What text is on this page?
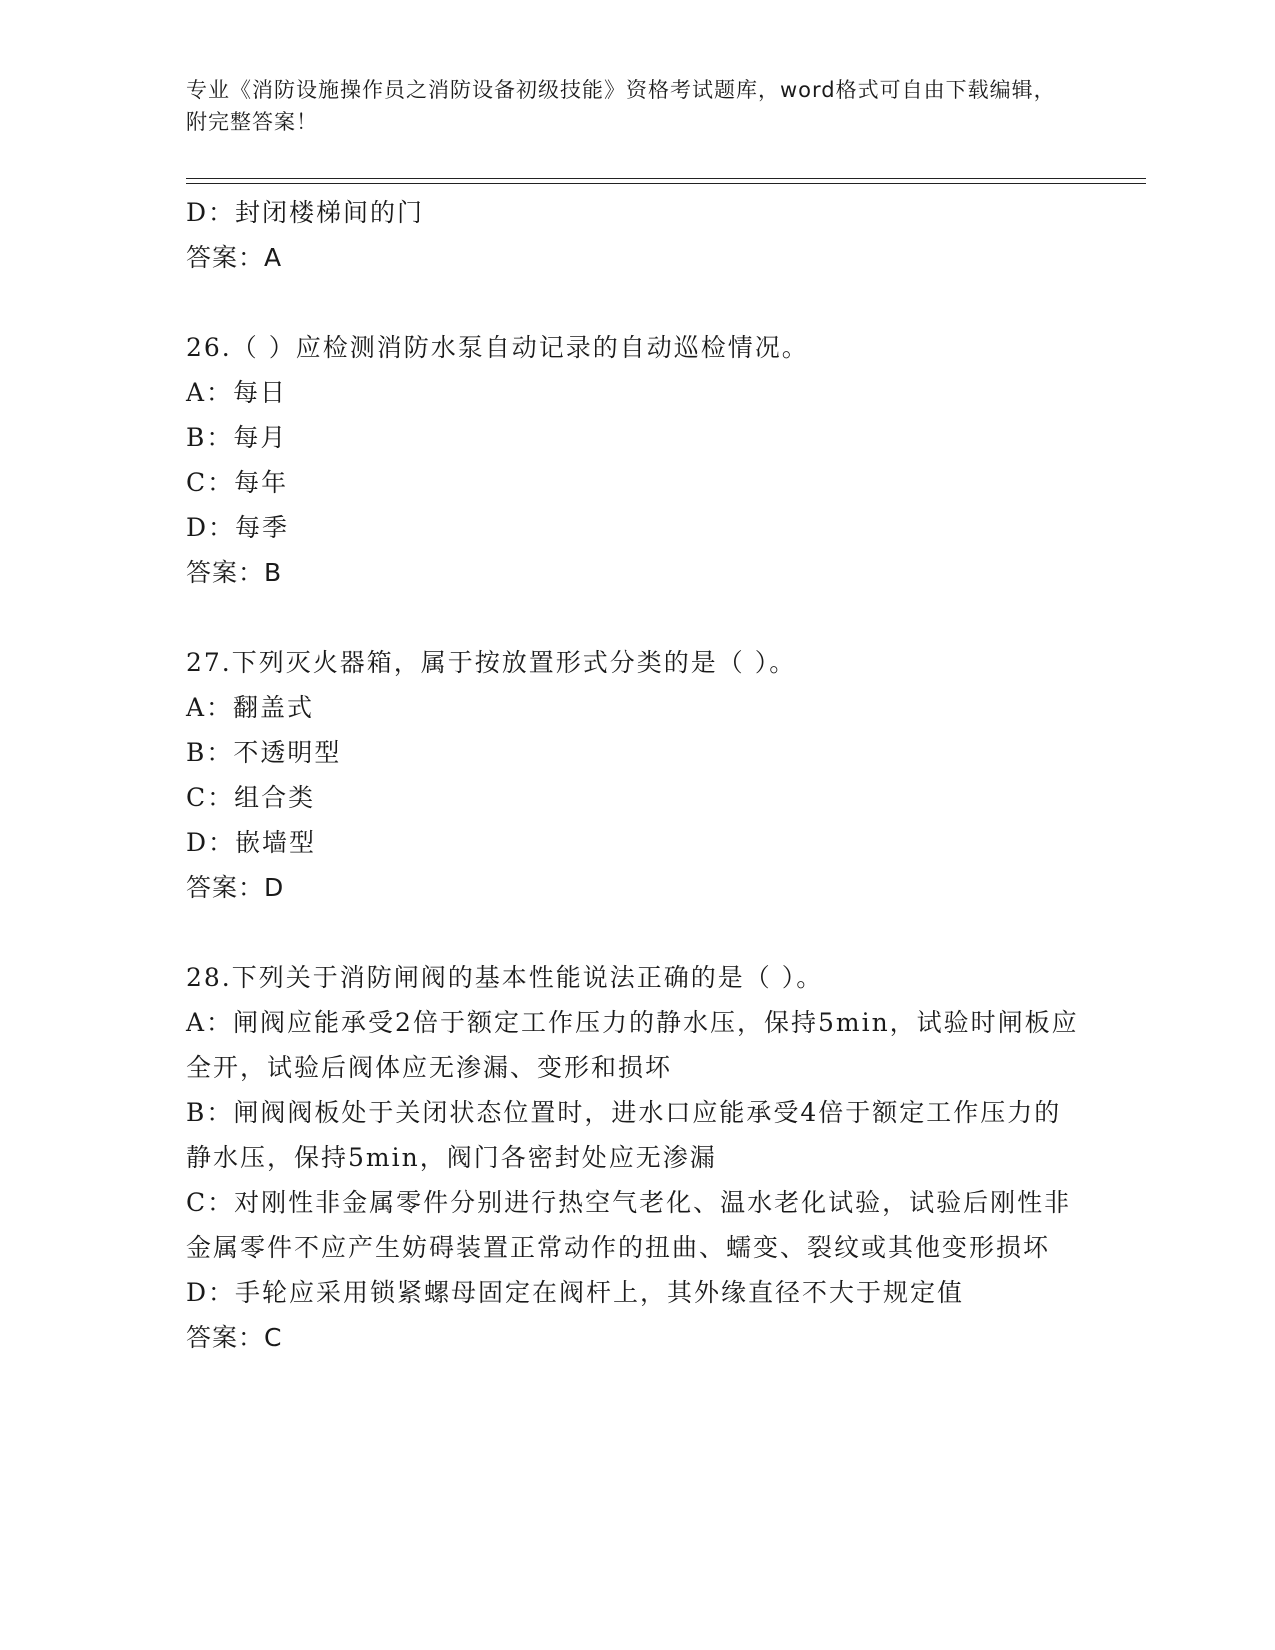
专业《消防设施操作员之消防设备初级技能》资格考试题库，word格式可自由下载编辑，附完整答案！
D：封闭楼梯间的门
答案：A
26.（ ）应检测消防水泵自动记录的自动巡检情况。
A：每日
B：每月
C：每年
D：每季
答案：B
27.下列灭火器箱，属于按放置形式分类的是（ ）。
A：翻盖式
B：不透明型
C：组合类
D：嵌墙型
答案：D
28.下列关于消防闸阀的基本性能说法正确的是（ ）。
A：闸阀应能承受2倍于额定工作压力的静水压，保持5min，试验时闸板应全开，试验后阀体应无渗漏、变形和损坏
B：闸阀阀板处于关闭状态位置时，进水口应能承受4倍于额定工作压力的静水压，保持5min，阀门各密封处应无渗漏
C：对刚性非金属零件分别进行热空气老化、温水老化试验，试验后刚性非金属零件不应产生妨碍装置正常动作的扭曲、蠕变、裂纹或其他变形损坏
D：手轮应采用锁紧螺母固定在阀杆上，其外缘直径不大于规定值
答案：C
